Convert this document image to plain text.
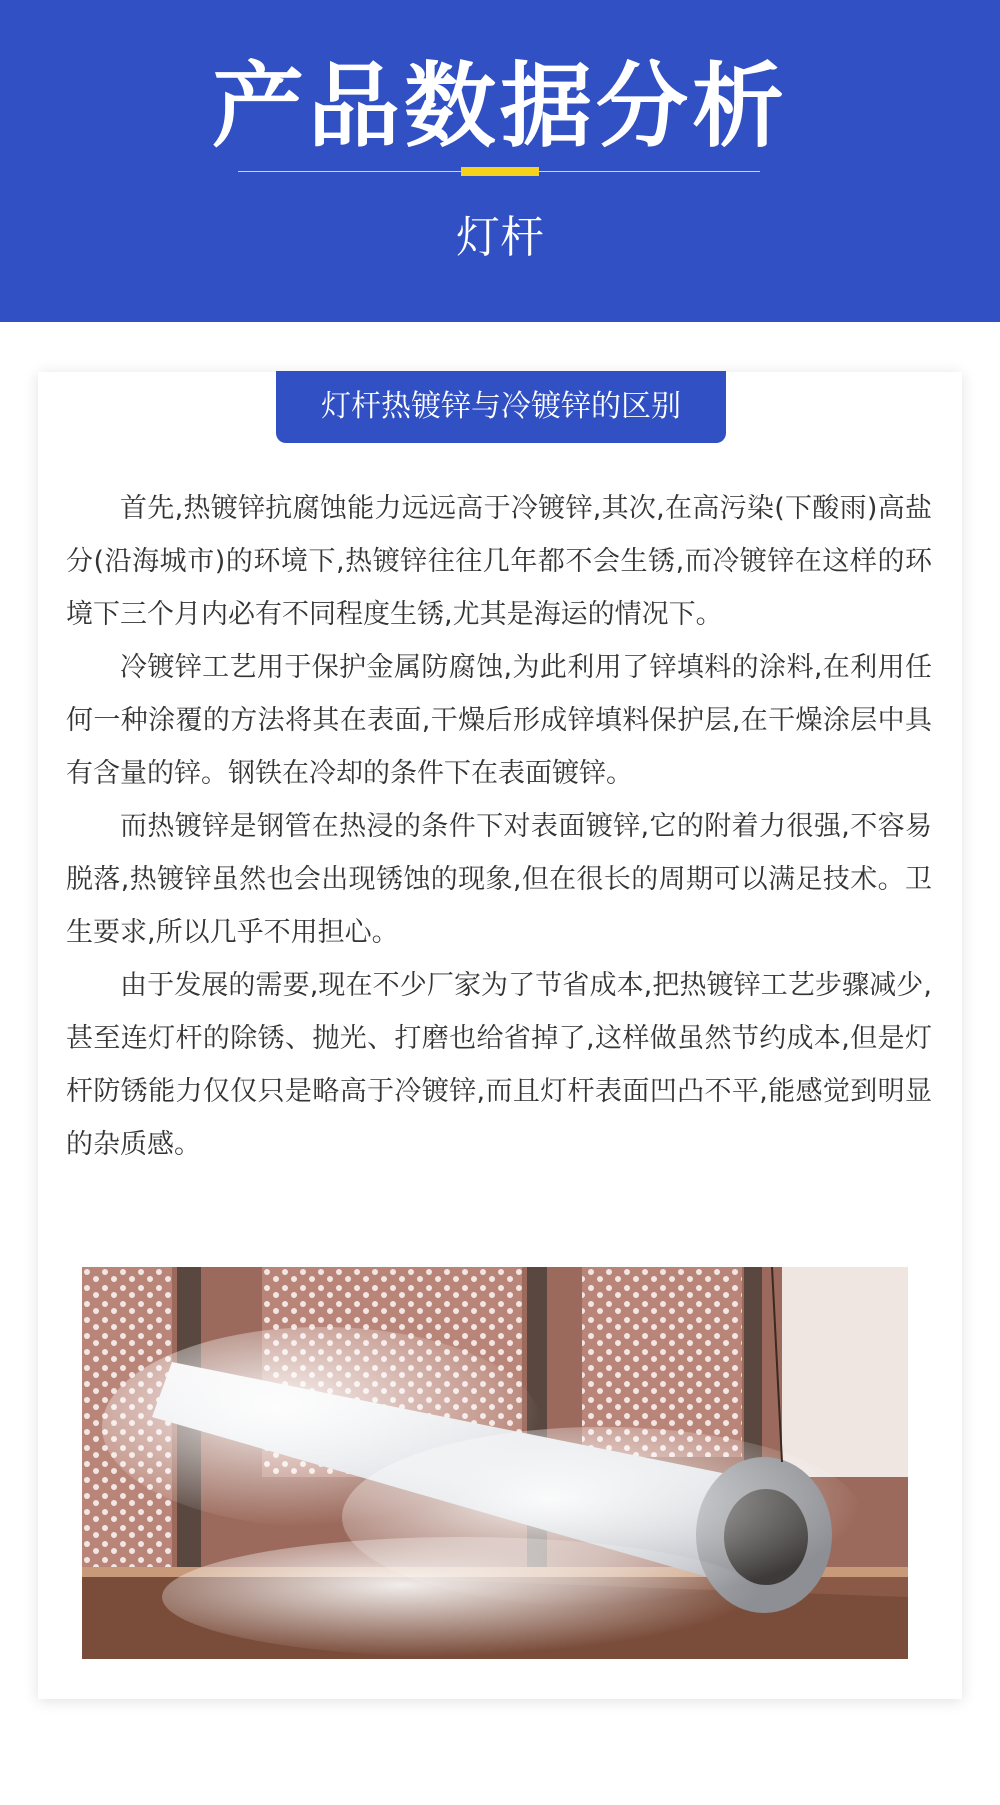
产品数据分析
灯杆
灯杆热镀锌与冷镀锌的区别

首先,热镀锌抗腐蚀能力远远高于冷镀锌,其次,在高污染(下酸雨)高盐分(沿海城市)的环境下,热镀锌往往几年都不会生锈,而冷镀锌在这样的环境下三个月内必有不同程度生锈,尤其是海运的情况下。

冷镀锌工艺用于保护金属防腐蚀,为此利用了锌填料的涂料,在利用任何一种涂覆的方法将其在表面,干燥后形成锌填料保护层,在干燥涂层中具有含量的锌。钢铁在冷却的条件下在表面镀锌。

而热镀锌是钢管在热浸的条件下对表面镀锌,它的附着力很强,不容易脱落,热镀锌虽然也会出现锈蚀的现象,但在很长的周期可以满足技术。卫生要求,所以几乎不用担心。

由于发展的需要,现在不少厂家为了节省成本,把热镀锌工艺步骤减少,甚至连灯杆的除锈、抛光、打磨也给省掉了,这样做虽然节约成本,但是灯杆防锈能力仅仅只是略高于冷镀锌,而且灯杆表面凹凸不平,能感觉到明显的杂质感。
